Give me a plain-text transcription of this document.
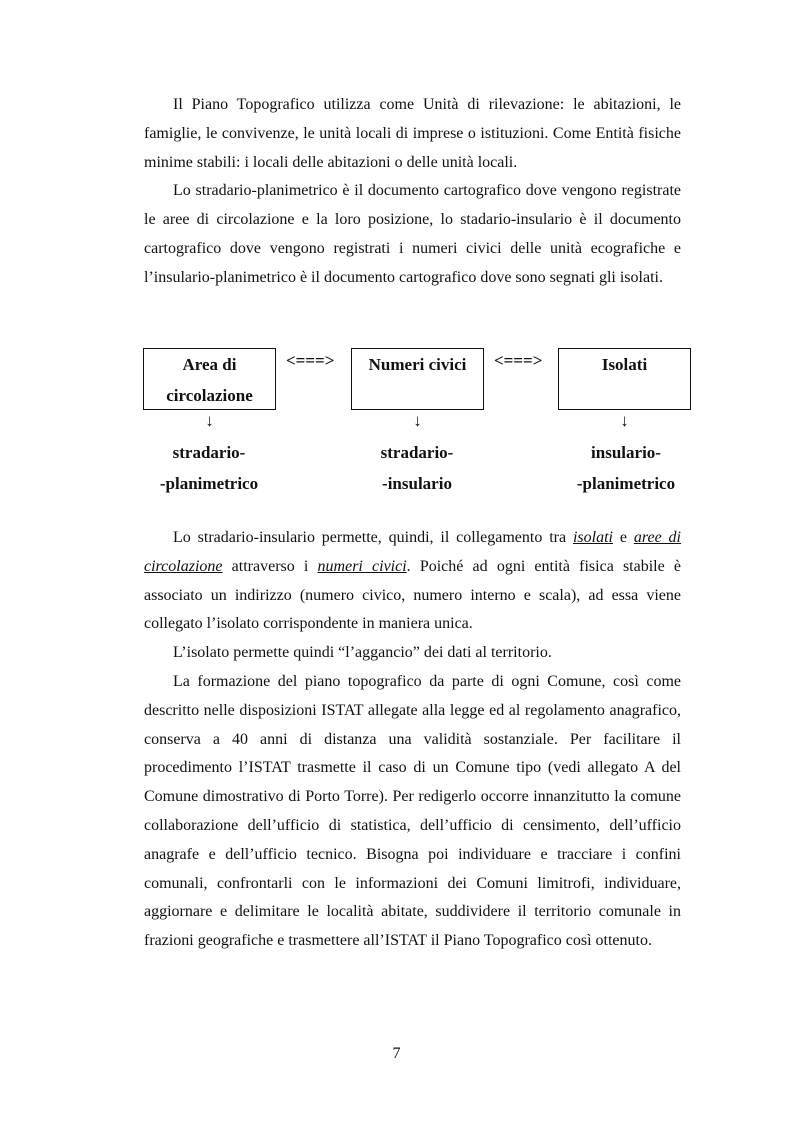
Il Piano Topografico utilizza come Unità di rilevazione: le abitazioni, le famiglie, le convivenze, le unità locali di imprese o istituzioni. Come Entità fisiche minime stabili: i locali delle abitazioni o delle unità locali.

Lo stradario-planimetrico è il documento cartografico dove vengono registrate le aree di circolazione e la loro posizione, lo stadario-insulario è il documento cartografico dove vengono registrati i numeri civici delle unità ecografiche e l’insulario-planimetrico è il documento cartografico dove sono segnati gli isolati.

Area di
circolazione
<===>	Numeri civici	<===>	Isolati
↓	↓	↓
stradario-
-planimetrico
stradario-
-insulario
insulario-
-planimetrico

Lo stradario-insulario permette, quindi, il collegamento tra isolati e aree di circolazione attraverso i numeri civici. Poiché ad ogni entità fisica stabile è associato un indirizzo (numero civico, numero interno e scala), ad essa viene collegato l’isolato corrispondente in maniera unica.

L’isolato permette quindi “l’aggancio” dei dati al territorio.

La formazione del piano topografico da parte di ogni Comune, così come descritto nelle disposizioni ISTAT allegate alla legge ed al regolamento anagrafico, conserva a 40 anni di distanza una validità sostanziale. Per facilitare il procedimento l’ISTAT trasmette il caso di un Comune tipo (vedi allegato A del Comune dimostrativo di Porto Torre). Per redigerlo occorre innanzitutto la comune collaborazione dell’ufficio di statistica, dell’ufficio di censimento, dell’ufficio anagrafe e dell’ufficio tecnico. Bisogna poi individuare e tracciare i confini comunali, confrontarli con le informazioni dei Comuni limitrofi, individuare, aggiornare e delimitare le località abitate, suddividere il territorio comunale in frazioni geografiche e trasmettere all’ISTAT il Piano Topografico così ottenuto.

7
